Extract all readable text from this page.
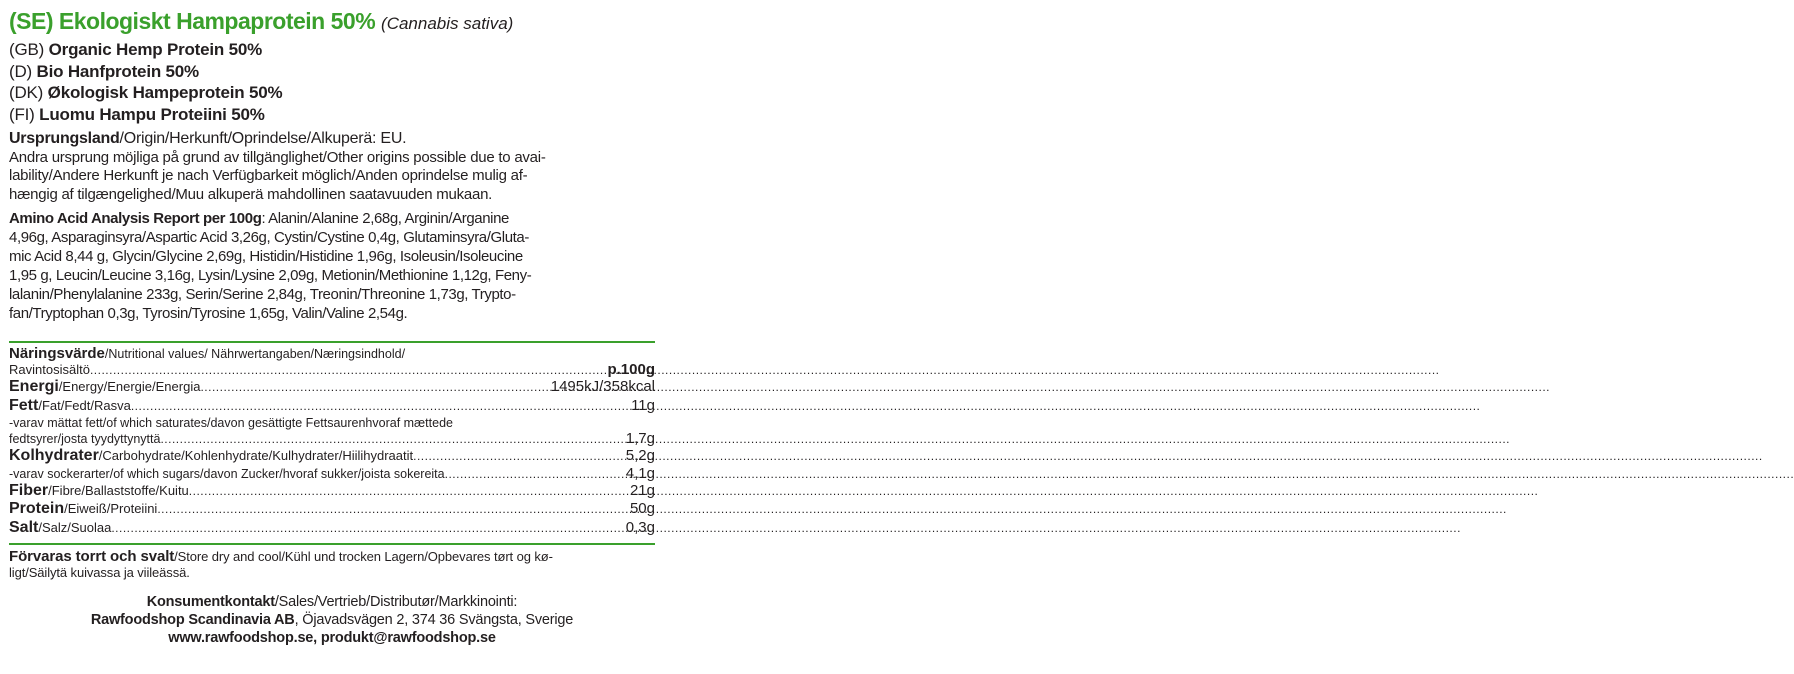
(SE) Ekologiskt Hampaprotein 50% (Cannabis sativa)
(GB) Organic Hemp Protein 50%
(D) Bio Hanfprotein 50%
(DK) Økologisk Hampeprotein 50%
(FI) Luomu Hampu Proteiini 50%
Ursprungsland/Origin/Herkunft/Oprindelse/Alkuperä: EU.
Andra ursprung möjliga på grund av tillgänglighet/Other origins possible due to avai-
lability/Andere Herkunft je nach Verfügbarkeit möglich/Anden oprindelse mulig af-
hængig af tilgængelighed/Muu alkuperä mahdollinen saatavuuden mukaan.
Amino Acid Analysis Report per 100g: Alanin/Alanine 2,68g, Arginin/Arganine
4,96g, Asparaginsyra/Aspartic Acid 3,26g, Cystin/Cystine 0,4g, Glutaminsyra/Gluta-
mic Acid 8,44 g, Glycin/Glycine 2,69g, Histidin/Histidine 1,96g, Isoleusin/Isoleucine
1,95 g, Leucin/Leucine 3,16g, Lysin/Lysine 2,09g, Metionin/Methionine 1,12g, Feny-
lalanin/Phenylalanine 233g, Serin/Serine 2,84g, Treonin/Threonine 1,73g, Trypto-
fan/Tryptophan 0,3g, Tyrosin/Tyrosine 1,65g, Valin/Valine 2,54g.
Näringsvärde/Nutritional values/ Nährwertangaben/Næringsindhold/
Ravintosisältö .....	p.100g
Energi/Energy/Energie/Energia .....	1495kJ/358kcal
Fett/Fat/Fedt/Rasva .....	11g
-varav mättat fett/of which saturates/davon gesättigte Fettsaurenhvoraf mættede
fedtsyrer/josta tyydyttynyttä .....	1,7g
Kolhydrater/Carbohydrate/Kohlenhydrate/Kulhydrater/Hiilihydraatit .....	5,2g
-varav sockerarter/of which sugars/davon Zucker/hvoraf sukker/joista sokereita .....	4,1g
Fiber/Fibre/Ballaststoffe/Kuitu .....	21g
Protein/Eiweiß/Proteiini .....	50g
Salt/Salz/Suolaa .....	0,3g
Förvaras torrt och svalt/Store dry and cool/Kühl und trocken Lagern/Opbevares tørt og kø-
ligt/Säilytä kuivassa ja viileässä.
Konsumentkontakt/Sales/Vertrieb/Distributør/Markkinointi:
Rawfoodshop Scandinavia AB, Öjavadsvägen 2, 374 36 Svängsta, Sverige
www.rawfoodshop.se, produkt@rawfoodshop.se
